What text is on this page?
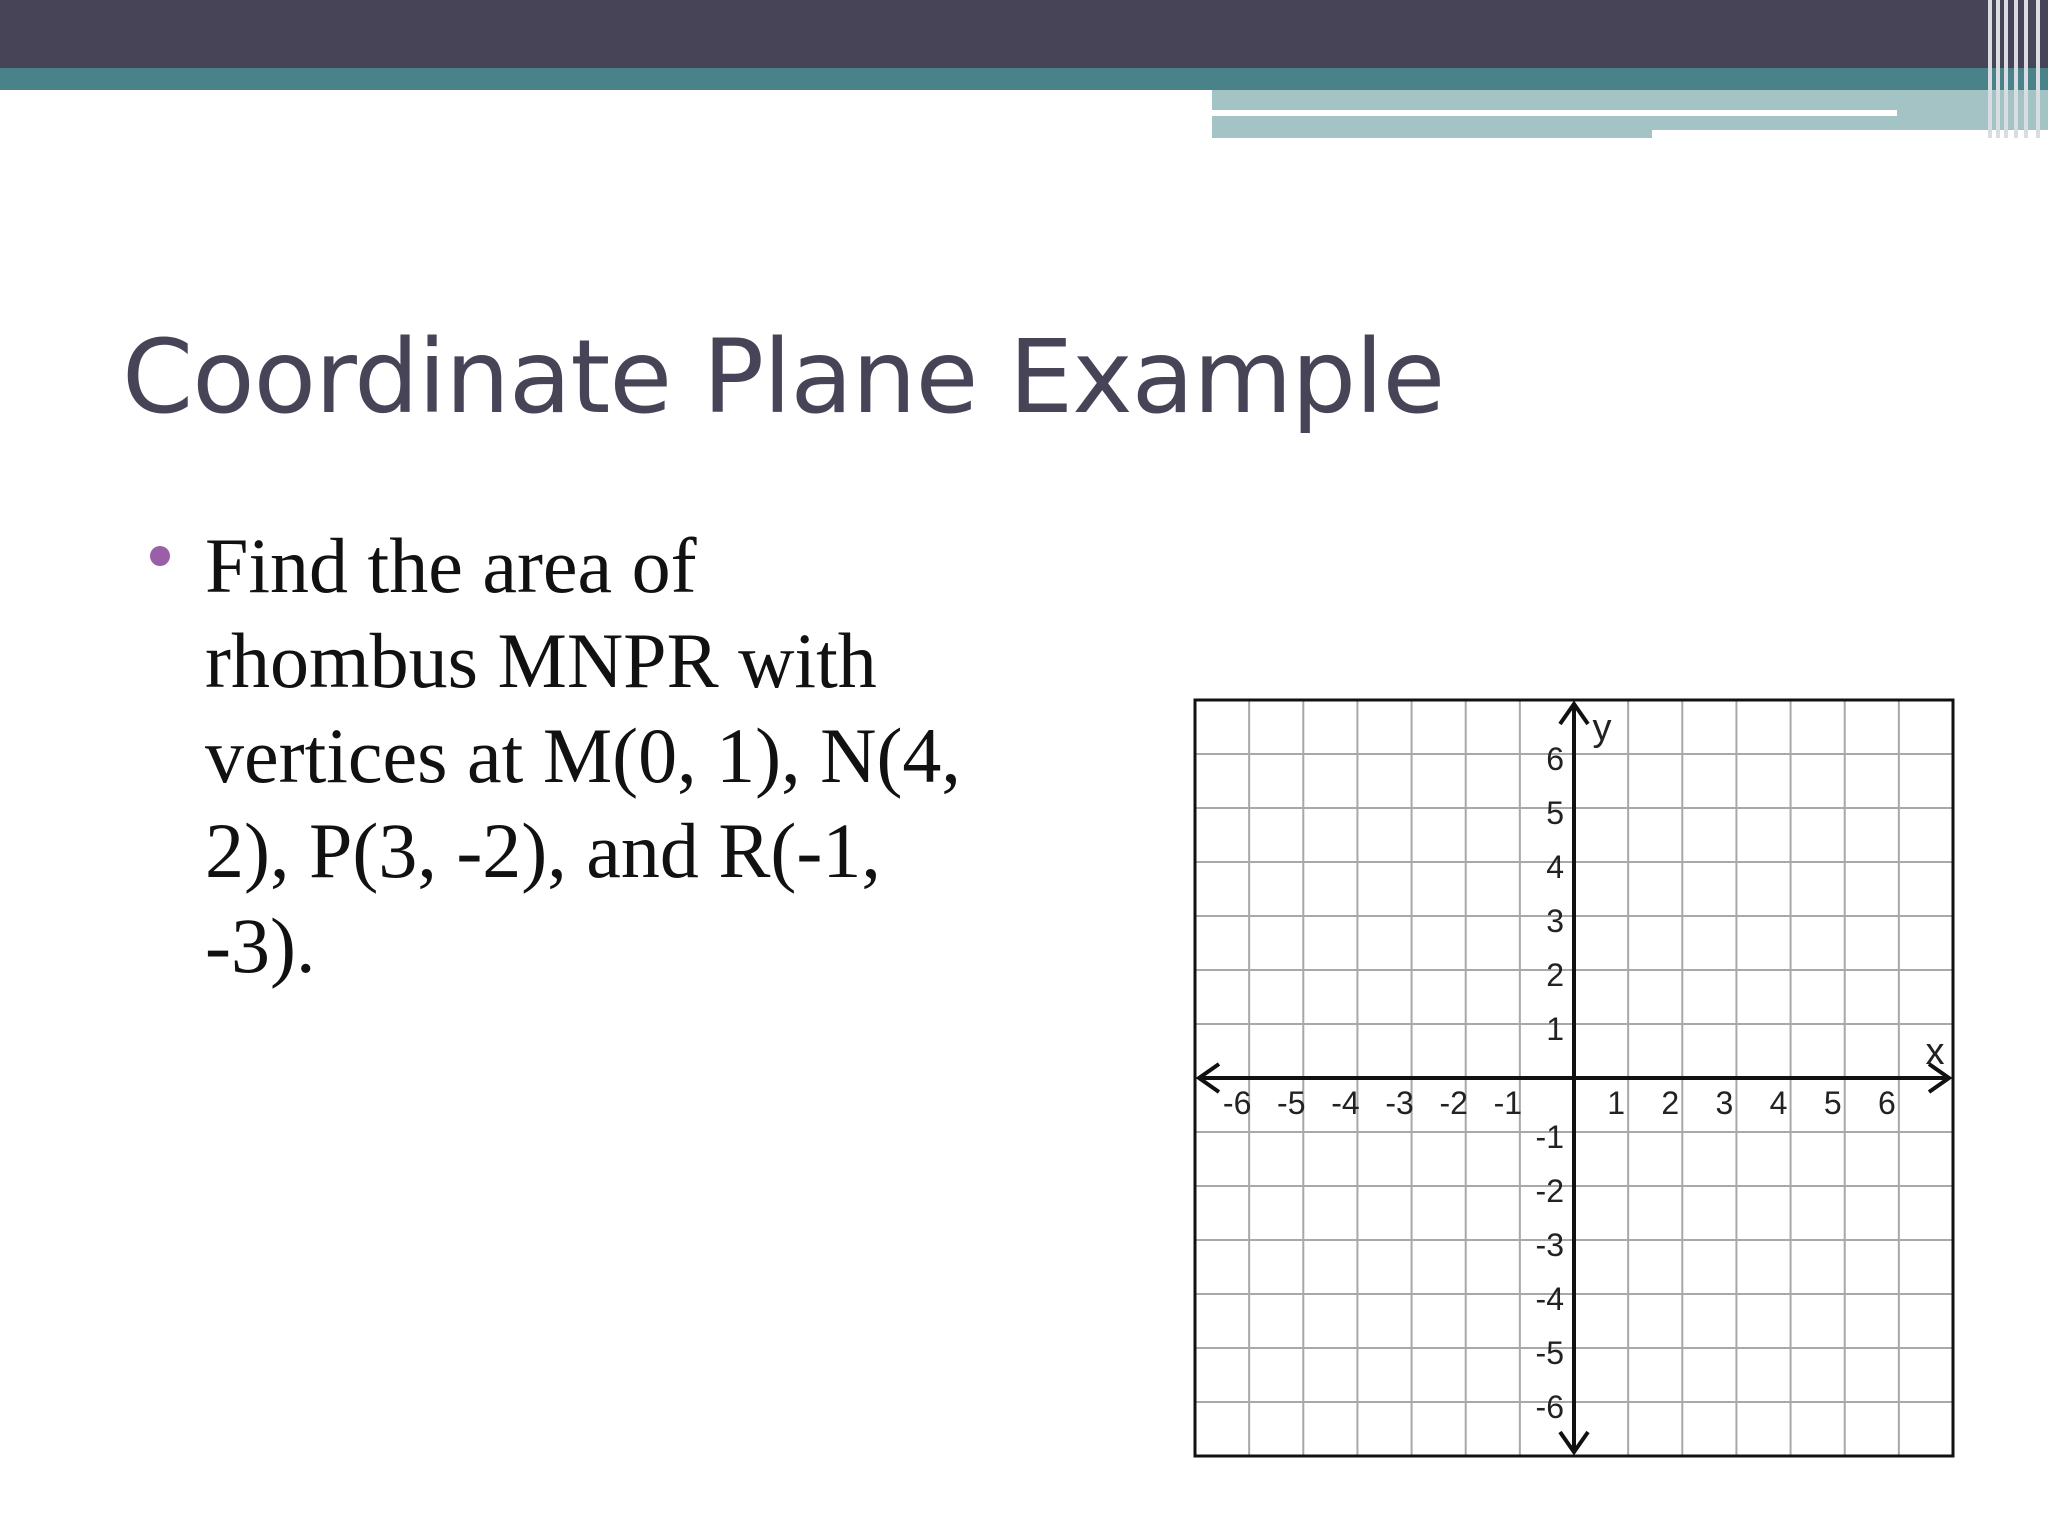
Coordinate Plane Example

Find the area of rhombus MNPR with vertices at M(0, 1), N(4, 2), P(3, -2), and R(-1, -3).

-6 -5 -4 -3 -2 -1	1 2 3 4 5 6
6
5
4
3
2
1
-1
-2
-3
-4
-5
-6
x
y
